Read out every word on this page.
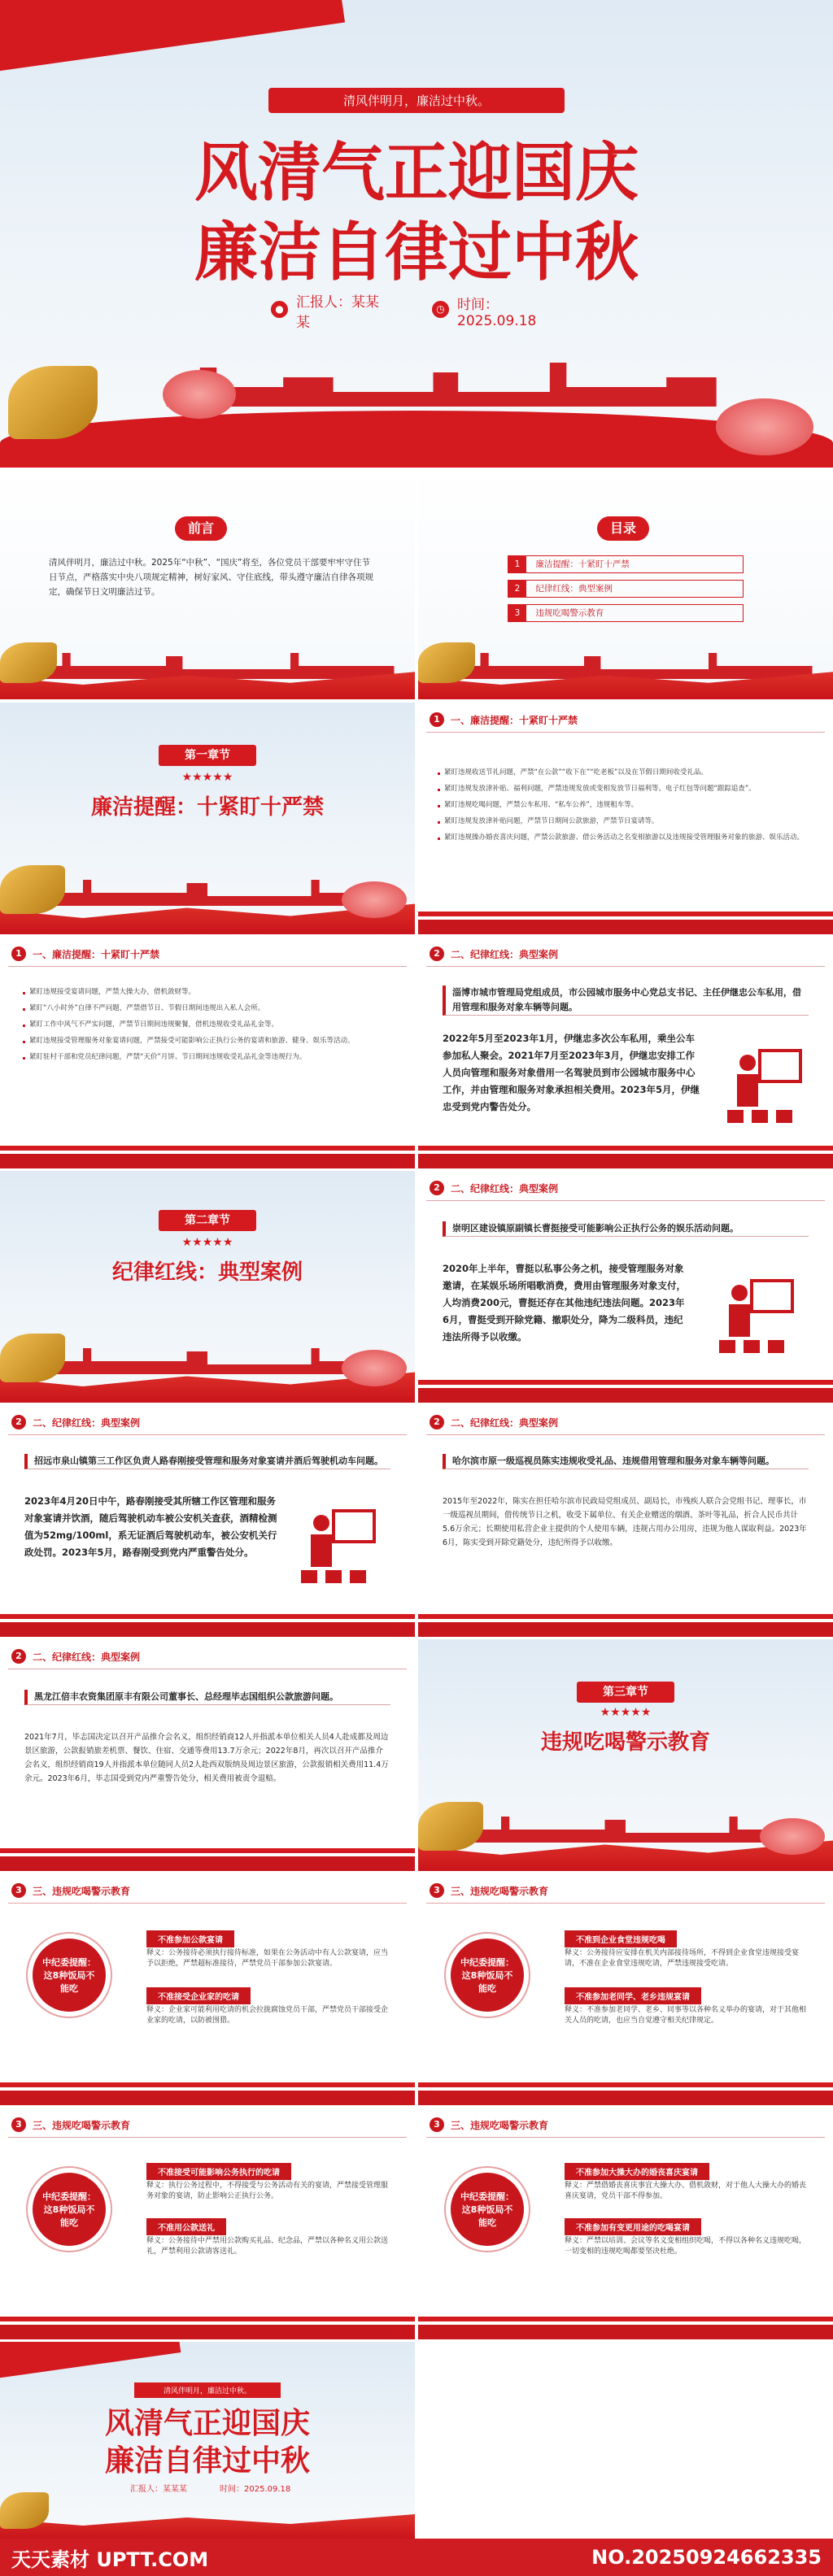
清风伴明月，廉洁过中秋。
风清气正迎国庆
廉洁自律过中秋
● 汇报人：某某某
◷ 时间：2025.09.18
前言
清风伴明月，廉洁过中秋。2025年“中秋”、“国庆”将至，各位党员干部要牢牢守住节日节点，严格落实中央八项规定精神，树好家风、守住底线，带头遵守廉洁自律各项规定，确保节日文明廉洁过节。
目录
1 廉洁提醒：十紧盯十严禁
2 纪律红线：典型案例
3 违规吃喝警示教育
第一章节
★★★★★
廉洁提醒：十紧盯十严禁
1	一、廉洁提醒：十紧盯十严禁
紧盯违规收送节礼问题，严禁“在公款”“收下在”“吃老板”以及在节假日期间收受礼品。
紧盯违规发放津补贴、福利问题，严禁违规发放或变相发放节日福利等。电子红包等问题“跟踪追查”。
紧盯违规吃喝问题，严禁公车私用、“私车公养”，违规租车等。
紧盯违规发放津补贴问题，严禁节日期间公款旅游，严禁节日宴请等。
紧盯违规操办婚丧喜庆问题，严禁公款旅游、借公务活动之名变相旅游以及违规接受管理服务对象的旅游、娱乐活动。
1	一、廉洁提醒：十紧盯十严禁
紧盯违规接受宴请问题，严禁大操大办，借机敛财等。
紧盯“八小时外”自律不严问题，严禁借节日、节假日期间违规出入私人会所。
紧盯工作中风气不严实问题，严禁节日期间违规聚餐，借机违规收受礼品礼金等。
紧盯违规接受管理服务对象宴请问题，严禁接受可能影响公正执行公务的宴请和旅游、健身、娱乐等活动。
紧盯驻村干部和党员纪律问题，严禁“天价”月饼、节日期间违规收受礼品礼金等违规行为。
2	二、纪律红线：典型案例
淄博市城市管理局党组成员，市公园城市服务中心党总支书记、主任伊继忠公车私用，借用管理和服务对象车辆等问题。
2022年5月至2023年1月，伊继忠多次公车私用，乘坐公车参加私人聚会。2021年7月至2023年3月，伊继忠安排工作人员向管理和服务对象借用一名驾驶员到市公园城市服务中心工作，并由管理和服务对象承担相关费用。2023年5月，伊继忠受到党内警告处分。
第二章节
★★★★★
纪律红线：典型案例
2	二、纪律红线：典型案例
崇明区建设镇原副镇长曹挺接受可能影响公正执行公务的娱乐活动问题。
2020年上半年，曹挺以私事公务之机，接受管理服务对象邀请，在某娱乐场所唱歌消费，费用由管理服务对象支付，人均消费200元，曹挺还存在其他违纪违法问题。2023年6月，曹挺受到开除党籍、撤职处分，降为二级科员，违纪违法所得予以收缴。
2	二、纪律红线：典型案例
招远市泉山镇第三工作区负责人路春刚接受管理和服务对象宴请并酒后驾驶机动车问题。
2023年4月20日中午，路春刚接受其所辖工作区管理和服务对象宴请并饮酒，随后驾驶机动车被公安机关查获，酒精检测值为52mg/100ml，系无证酒后驾驶机动车，被公安机关行政处罚。2023年5月，路春刚受到党内严重警告处分。
2	二、纪律红线：典型案例
哈尔滨市原一级巡视员陈实违规收受礼品、违规借用管理和服务对象车辆等问题。
2015年至2022年，陈实在担任哈尔滨市民政局党组成员、副局长，市残疾人联合会党组书记、理事长，市一级巡视员期间，借传统节日之机，收受下属单位、有关企业赠送的烟酒、茶叶等礼品，折合人民币共计5.6万余元；长期使用私营企业主提供的个人使用车辆，违规占用办公用房，违规为他人谋取利益。2023年6月，陈实受到开除党籍处分，违纪所得予以收缴。
2	二、纪律红线：典型案例
黑龙江倍丰农资集团原丰有限公司董事长、总经理毕志国组织公款旅游问题。
2021年7月，毕志国决定以召开产品推介会名义，组织经销商12人并指派本单位相关人员4人赴成都及周边景区旅游，公款报销旅差机票、餐饮、住宿、交通等费用13.7万余元；2022年8月，再次以召开产品推介会名义，组织经销商19人并指派本单位随同人员2人赴西双版纳及周边景区旅游，公款报销相关费用11.4万余元。2023年6月，毕志国受到党内严重警告处分，相关费用被责令退赔。
第三章节
★★★★★
违规吃喝警示教育
3	三、违规吃喝警示教育
中纪委提醒：这8种饭局不能吃
不准参加公款宴请
释义：公务接待必须执行接待标准，如果在公务活动中有人公款宴请，应当予以拒绝，严禁超标准接待，严禁党员干部参加公款宴请。
不准接受企业家的吃请
释义：企业家可能利用吃请的机会拉拢腐蚀党员干部，严禁党员干部接受企业家的吃请，以防被围猎。
3	三、违规吃喝警示教育
中纪委提醒：这8种饭局不能吃
不准到企业食堂违规吃喝
释义：公务接待应安排在机关内部接待场所，不得到企业食堂违规接受宴请，不准在企业食堂违规吃请，严禁违规接受吃请。
不准参加老同学、老乡违规宴请
释义：不准参加老同学、老乡、同事等以各种名义举办的宴请，对于其他相关人员的吃请，也应当自觉遵守相关纪律规定。
3	三、违规吃喝警示教育
中纪委提醒：这8种饭局不能吃
不准接受可能影响公务执行的吃请
释义：执行公务过程中，不得接受与公务活动有关的宴请，严禁接受管理服务对象的宴请，防止影响公正执行公务。
不准用公款送礼
释义：公务接待中严禁用公款购买礼品、纪念品，严禁以各种名义用公款送礼，严禁利用公款请客送礼。
3	三、违规吃喝警示教育
中纪委提醒：这8种饭局不能吃
不准参加大操大办的婚丧喜庆宴请
释义：严禁借婚丧喜庆事宜大操大办、借机敛财，对于他人大操大办的婚丧喜庆宴请，党员干部不得参加。
不准参加有变更用途的吃喝宴请
释义：严禁以培训、会议等名义变相组织吃喝，不得以各种名义违规吃喝，一切变相的违规吃喝都要坚决杜绝。
清风伴明月，廉洁过中秋。
风清气正迎国庆
廉洁自律过中秋
汇报人：某某某	时间：2025.09.18
天天素材 UPTT.COM	NO.20250924662335
